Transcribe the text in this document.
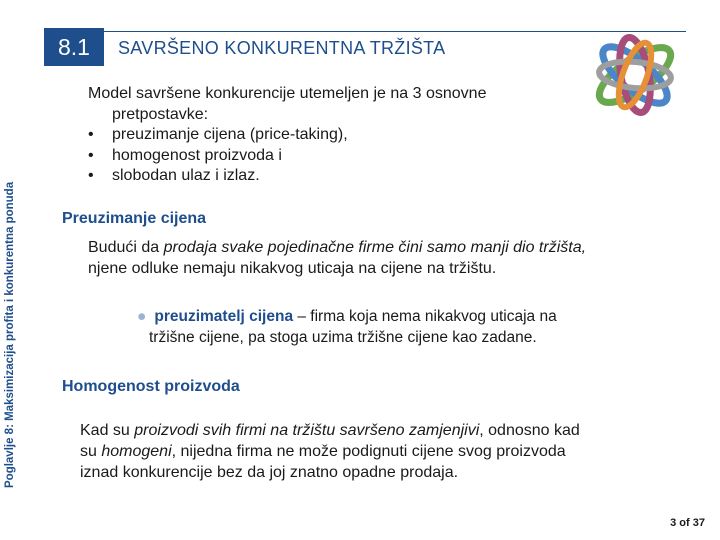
Poglavlje 8: Maksimizacija profita i konkurentna ponuda
8.1 SAVRŠENO KONKURENTNA TRŽIŠTA
Model savršene konkurencije utemeljen je na 3 osnovne
pretpostavke:
•	preuzimanje cijena (price-taking),
•	homogenost proizvoda i
•	slobodan ulaz i izlaz.
Preuzimanje cijena
Budući da prodaja svake pojedinačne firme čini samo manji dio tržišta,
njene odluke nemaju nikakvog uticaja na cijene na tržištu.
● preuzimatelj cijena – firma koja nema nikakvog uticaja na
tržišne cijene, pa stoga uzima tržišne cijene kao zadane.
Homogenost proizvoda
Kad su proizvodi svih firmi na tržištu savršeno zamjenjivi, odnosno kad
su homogeni, nijedna firma ne može podignuti cijene svog proizvoda
iznad konkurencije bez da joj znatno opadne prodaja.
3 of 37
